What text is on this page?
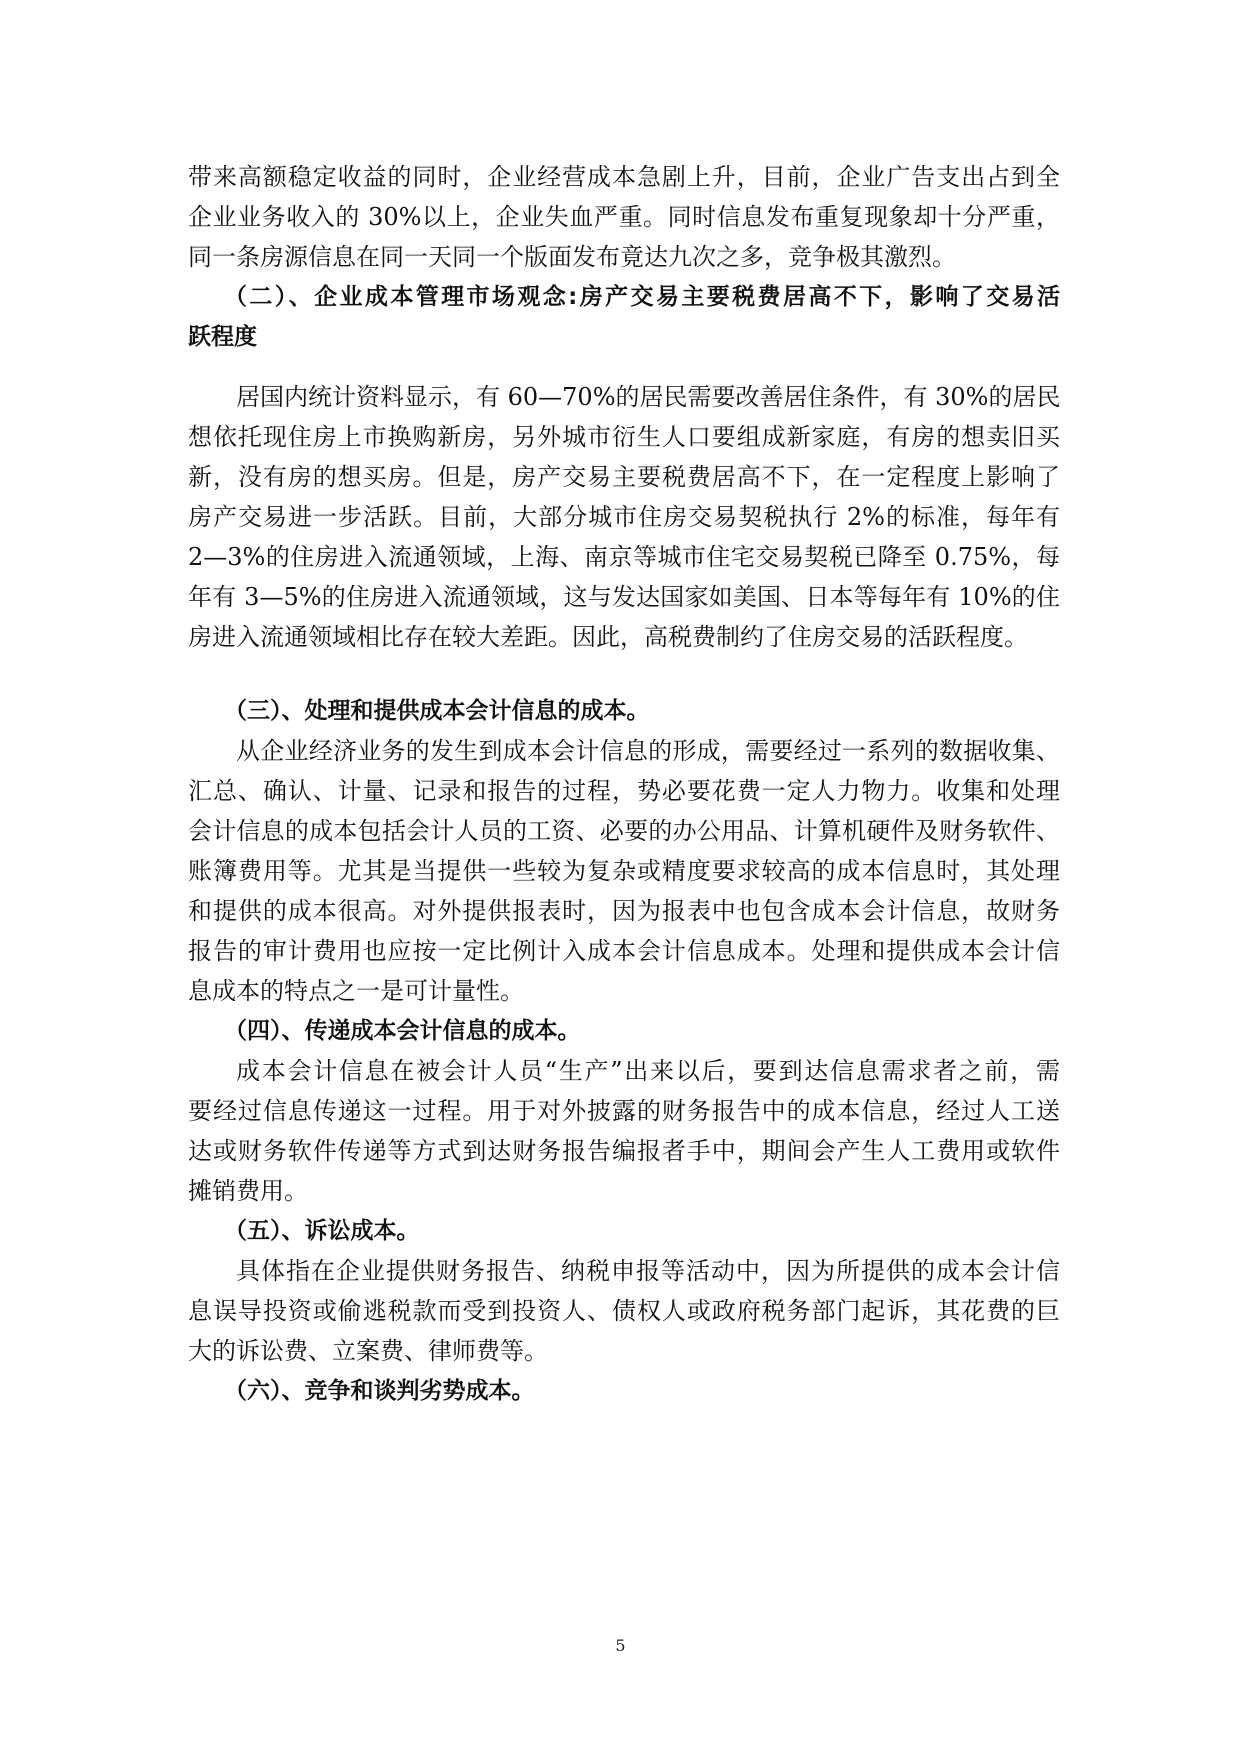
带来高额稳定收益的同时，企业经营成本急剧上升，目前，企业广告支出占到全

企业业务收入的 30%以上，企业失血严重。同时信息发布重复现象却十分严重，

同一条房源信息在同一天同一个版面发布竟达九次之多，竞争极其激烈。

（二）、企业成本管理市场观念:房产交易主要税费居高不下，影响了交易活

跃程度

居国内统计资料显示，有 60—70%的居民需要改善居住条件，有 30%的居民

想依托现住房上市换购新房，另外城市衍生人口要组成新家庭，有房的想卖旧买

新，没有房的想买房。但是，房产交易主要税费居高不下，在一定程度上影响了

房产交易进一步活跃。目前，大部分城市住房交易契税执行 2%的标准，每年有

2—3%的住房进入流通领域，上海、南京等城市住宅交易契税已降至 0.75%，每

年有 3—5%的住房进入流通领域，这与发达国家如美国、日本等每年有 10%的住

房进入流通领域相比存在较大差距。因此，高税费制约了住房交易的活跃程度。

（三）、处理和提供成本会计信息的成本。

从企业经济业务的发生到成本会计信息的形成，需要经过一系列的数据收集、

汇总、确认、计量、记录和报告的过程，势必要花费一定人力物力。收集和处理

会计信息的成本包括会计人员的工资、必要的办公用品、计算机硬件及财务软件、

账簿费用等。尤其是当提供一些较为复杂或精度要求较高的成本信息时，其处理

和提供的成本很高。对外提供报表时，因为报表中也包含成本会计信息，故财务

报告的审计费用也应按一定比例计入成本会计信息成本。处理和提供成本会计信

息成本的特点之一是可计量性。

（四）、传递成本会计信息的成本。

成本会计信息在被会计人员“生产”出来以后，要到达信息需求者之前，需

要经过信息传递这一过程。用于对外披露的财务报告中的成本信息，经过人工送

达或财务软件传递等方式到达财务报告编报者手中，期间会产生人工费用或软件

摊销费用。

（五）、诉讼成本。

具体指在企业提供财务报告、纳税申报等活动中，因为所提供的成本会计信

息误导投资或偷逃税款而受到投资人、债权人或政府税务部门起诉，其花费的巨

大的诉讼费、立案费、律师费等。

（六）、竞争和谈判劣势成本。

5
